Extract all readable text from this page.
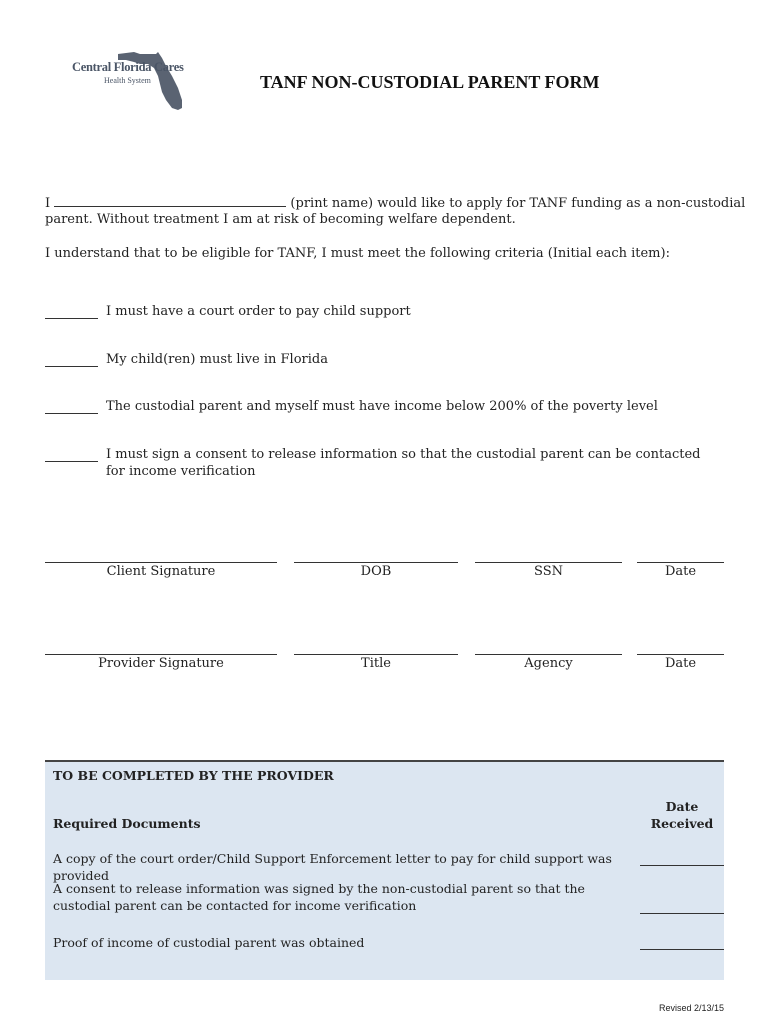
Central Florida Cares
Health System	TANF NON-CUSTODIAL PARENT FORM
I	(print name) would like to apply for TANF funding as a non-custodial
parent. Without treatment I am at risk of becoming welfare dependent.
I understand that to be eligible for TANF, I must meet the following criteria (Initial each item):
I must have a court order to pay child support
My child(ren) must live in Florida
The custodial parent and myself must have income below 200% of the poverty level
I must sign a consent to release information so that the custodial parent can be contacted for income verification
Client Signature	DOB	SSN	Date
Provider Signature	Title	Agency	Date
TO BE COMPLETED BY THE PROVIDER
Required Documents
Date Received
A copy of the court order/Child Support Enforcement letter to pay for child support was provided
A consent to release information was signed by the non-custodial parent so that the custodial parent can be contacted for income verification
Proof of income of custodial parent was obtained
Revised 2/13/15
